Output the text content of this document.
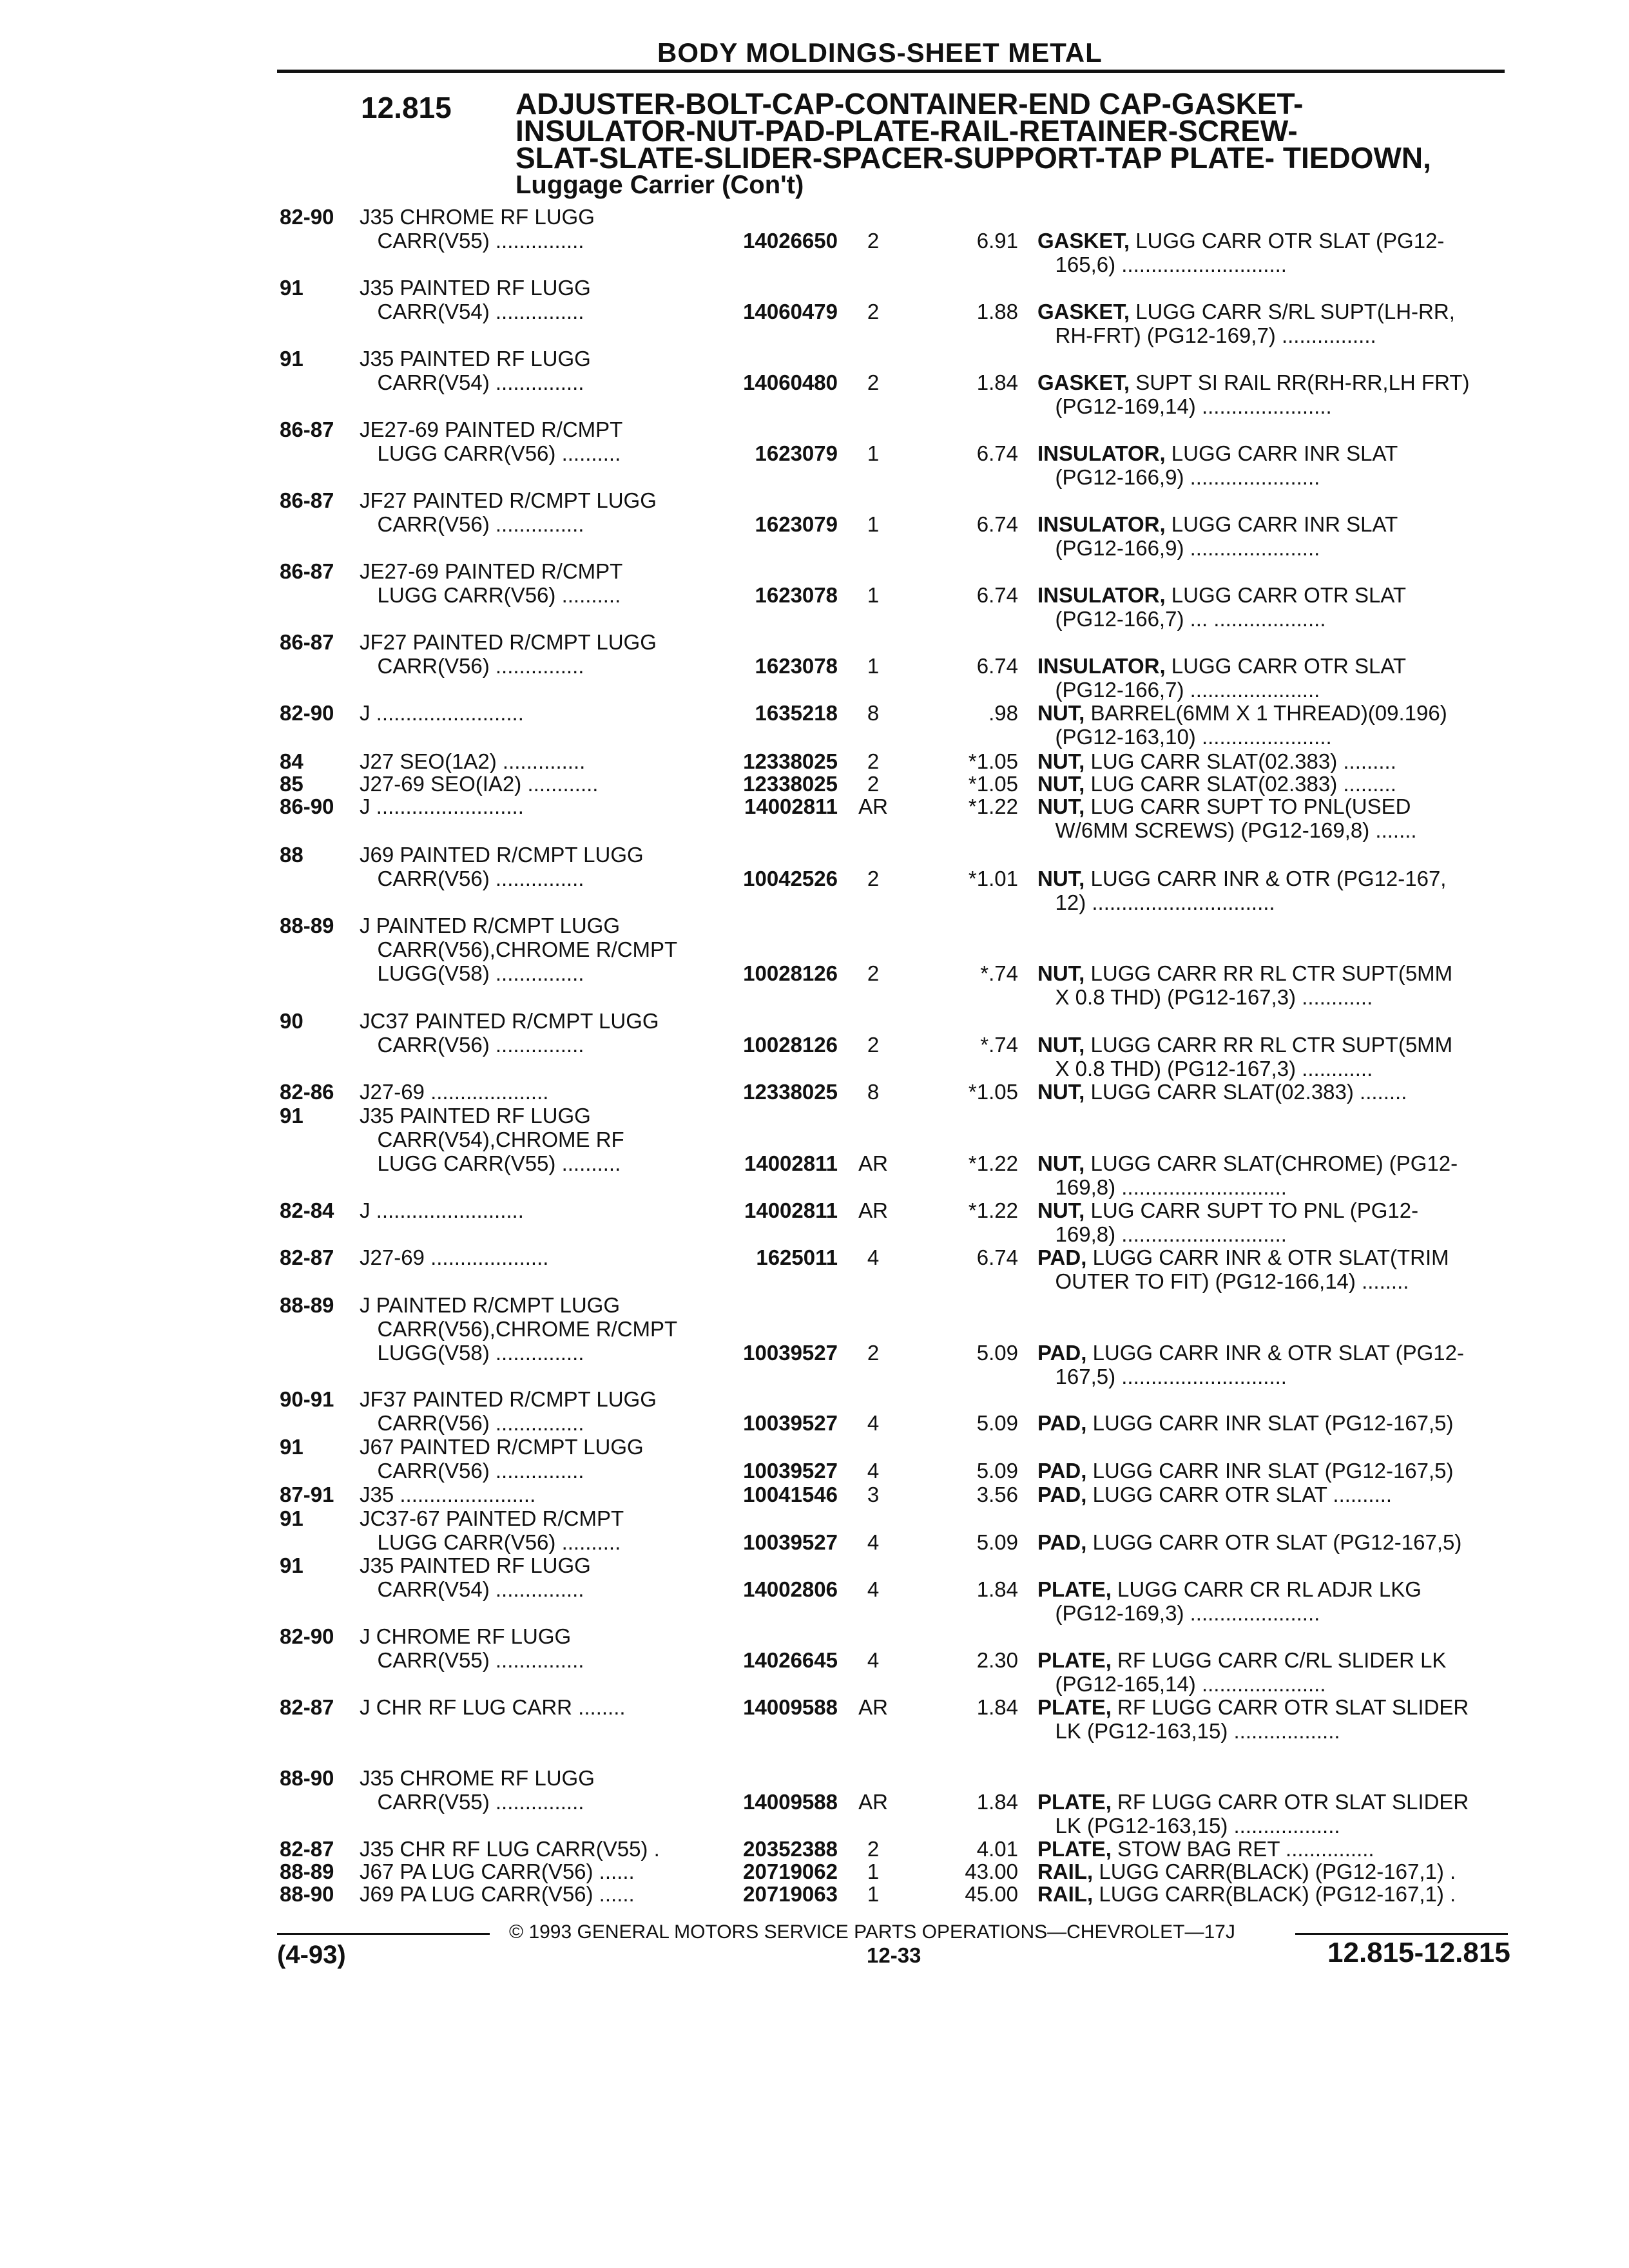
BODY MOLDINGS-SHEET METAL
12.815 ADJUSTER-BOLT-CAP-CONTAINER-END CAP-GASKET-
INSULATOR-NUT-PAD-PLATE-RAIL-RETAINER-SCREW-
SLAT-SLATE-SLIDER-SPACER-SUPPORT-TAP PLATE- TIEDOWN,
Luggage Carrier (Con't)
82-90 J35 CHROME RF LUGG
CARR(V55) ...............	14026650	2	6.91 GASKET, LUGG CARR OTR SLAT (PG12-
165,6) ............................
91	J35 PAINTED RF LUGG
CARR(V54) ...............	14060479	2	1.88 GASKET, LUGG CARR S/RL SUPT(LH-RR,
RH-FRT) (PG12-169,7) ................
91	J35 PAINTED RF LUGG
CARR(V54) ...............	14060480	2	1.84 GASKET, SUPT SI RAIL RR(RH-RR,LH FRT)
(PG12-169,14) ......................
86-87 JE27-69 PAINTED R/CMPT
LUGG CARR(V56) ..........	1623079	1	6.74 INSULATOR, LUGG CARR INR SLAT
(PG12-166,9) ......................
86-87 JF27 PAINTED R/CMPT LUGG
CARR(V56) ...............	1623079	1	6.74 INSULATOR, LUGG CARR INR SLAT
(PG12-166,9) ......................
86-87 JE27-69 PAINTED R/CMPT
LUGG CARR(V56) ..........	1623078	1	6.74 INSULATOR, LUGG CARR OTR SLAT
(PG12-166,7) ... ...................
86-87 JF27 PAINTED R/CMPT LUGG
CARR(V56) ...............	1623078	1	6.74 INSULATOR, LUGG CARR OTR SLAT
(PG12-166,7) ......................
82-90 J .........................	1635218	8	.98 NUT, BARREL(6MM X 1 THREAD)(09.196)
(PG12-163,10) ......................
84	J27 SEO(1A2) ..............	12338025	2	*1.05 NUT, LUG CARR SLAT(02.383) .........
85	J27-69 SEO(IA2) ............	12338025	2	*1.05 NUT, LUG CARR SLAT(02.383) .........
86-90 J .........................	14002811 AR	*1.22 NUT, LUG CARR SUPT TO PNL(USED
W/6MM SCREWS) (PG12-169,8) .......
88	J69 PAINTED R/CMPT LUGG
CARR(V56) ...............	10042526	2	*1.01 NUT, LUGG CARR INR & OTR (PG12-167,
12) ...............................
88-89 J PAINTED R/CMPT LUGG
CARR(V56),CHROME R/CMPT
LUGG(V58) ...............	10028126	2	*.74 NUT, LUGG CARR RR RL CTR SUPT(5MM
X 0.8 THD) (PG12-167,3) ............
90	JC37 PAINTED R/CMPT LUGG
CARR(V56) ...............	10028126	2	*.74 NUT, LUGG CARR RR RL CTR SUPT(5MM
X 0.8 THD) (PG12-167,3) ............
82-86 J27-69 ....................	12338025	8	*1.05 NUT, LUGG CARR SLAT(02.383) ........
91	J35 PAINTED RF LUGG
CARR(V54),CHROME RF
LUGG CARR(V55) ..........	14002811 AR	*1.22 NUT, LUGG CARR SLAT(CHROME) (PG12-
169,8) ............................
82-84 J .........................	14002811 AR	*1.22 NUT, LUG CARR SUPT TO PNL (PG12-
169,8) ............................
82-87 J27-69 ....................	1625011	4	6.74 PAD, LUGG CARR INR & OTR SLAT(TRIM
OUTER TO FIT) (PG12-166,14) ........
88-89 J PAINTED R/CMPT LUGG
CARR(V56),CHROME R/CMPT
LUGG(V58) ...............	10039527	2	5.09 PAD, LUGG CARR INR & OTR SLAT (PG12-
167,5) ............................
90-91 JF37 PAINTED R/CMPT LUGG
CARR(V56) ...............	10039527	4	5.09 PAD, LUGG CARR INR SLAT (PG12-167,5)
91	J67 PAINTED R/CMPT LUGG
CARR(V56) ...............	10039527	4	5.09 PAD, LUGG CARR INR SLAT (PG12-167,5)
87-91 J35 .......................	10041546	3	3.56 PAD, LUGG CARR OTR SLAT ..........
91	JC37-67 PAINTED R/CMPT
LUGG CARR(V56) ..........	10039527	4	5.09 PAD, LUGG CARR OTR SLAT (PG12-167,5)
91	J35 PAINTED RF LUGG
CARR(V54) ...............	14002806	4	1.84 PLATE, LUGG CARR CR RL ADJR LKG
(PG12-169,3) ......................
82-90 J CHROME RF LUGG
CARR(V55) ...............	14026645	4	2.30 PLATE, RF LUGG CARR C/RL SLIDER LK
(PG12-165,14) .....................
82-87 J CHR RF LUG CARR ........	14009588 AR	1.84 PLATE, RF LUGG CARR OTR SLAT SLIDER
LK (PG12-163,15) ..................
88-90 J35 CHROME RF LUGG
CARR(V55) ...............	14009588 AR	1.84 PLATE, RF LUGG CARR OTR SLAT SLIDER
LK (PG12-163,15) ..................
82-87 J35 CHR RF LUG CARR(V55) .	20352388	2	4.01 PLATE, STOW BAG RET ...............
88-89 J67 PA LUG CARR(V56) ......	20719062	1	43.00 RAIL, LUGG CARR(BLACK) (PG12-167,1) .
88-90 J69 PA LUG CARR(V56) ......	20719063	1	45.00 RAIL, LUGG CARR(BLACK) (PG12-167,1) .
© 1993 GENERAL MOTORS SERVICE PARTS OPERATIONS—CHEVROLET—17J
(4-93)	12-33	12.815-12.815
